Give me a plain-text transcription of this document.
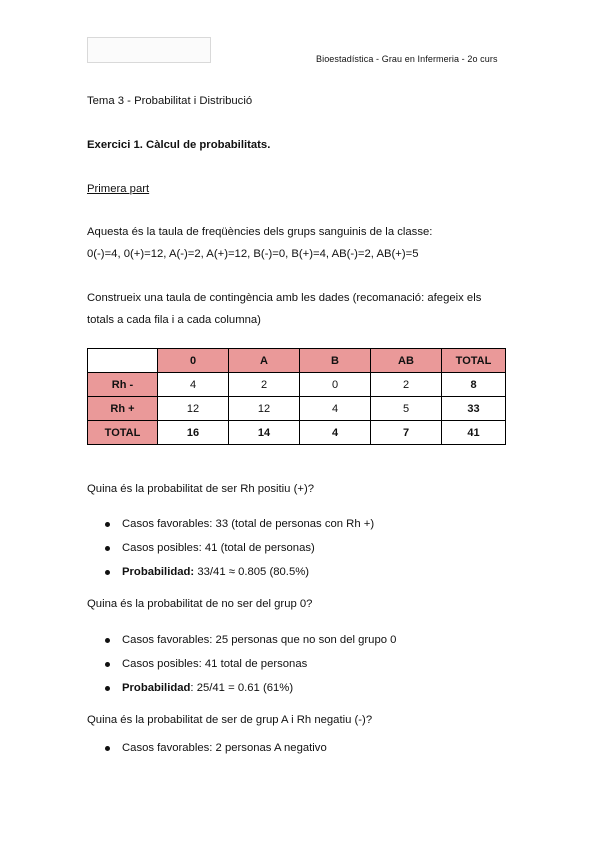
Bioestadística - Grau en Infermeria - 2o curs
Tema 3 - Probabilitat i Distribució
Exercici 1. Càlcul de probabilitats.
Primera part
Aquesta és la taula de freqüències dels grups sanguinis de la classe:
0(-)=4, 0(+)=12, A(-)=2, A(+)=12, B(-)=0, B(+)=4, AB(-)=2, AB(+)=5
Construeix una taula de contingència amb les dades (recomanació: afegeix els
totals a cada fila i a cada columna)
	0	A	B	AB	TOTAL
Rh -	4	2	0	2	8
Rh +	12	12	4	5	33
TOTAL	16	14	4	7	41
Quina és la probabilitat de ser Rh positiu (+)?
Casos favorables: 33 (total de personas con Rh +)
Casos posibles: 41 (total de personas)
Probabilidad: 33/41 ≈ 0.805 (80.5%)
Quina és la probabilitat de no ser del grup 0?
Casos favorables: 25 personas que no son del grupo 0
Casos posibles: 41 total de personas
Probabilidad: 25/41 = 0.61 (61%)
Quina és la probabilitat de ser de grup A i Rh negatiu (-)?
Casos favorables: 2 personas A negativo
